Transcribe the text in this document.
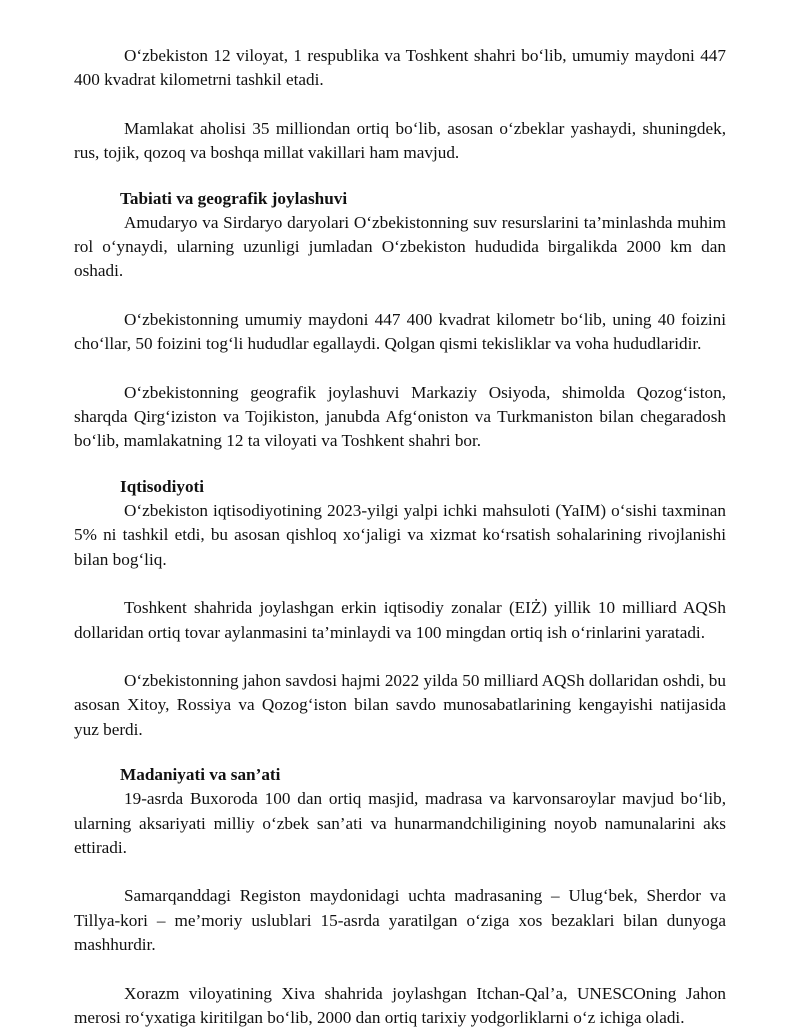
O‘zbekiston 12 viloyat, 1 respublika va Toshkent shahri bo‘lib, umumiy maydoni 447 400 kvadrat kilometrni tashkil etadi.

Mamlakat aholisi 35 milliondan ortiq bo‘lib, asosan o‘zbeklar yashaydi, shuningdek, rus, tojik, qozoq va boshqa millat vakillari ham mavjud.

Tabiati va geografik joylashuvi

Amudaryo va Sirdaryo daryolari O‘zbekistonning suv resurslarini ta’minlashda muhim rol o‘ynaydi, ularning uzunligi jumladan O‘zbekiston hududida birgalikda 2000 km dan oshadi.

O‘zbekistonning umumiy maydoni 447 400 kvadrat kilometr bo‘lib, uning 40 foizini cho‘llar, 50 foizini tog‘li hududlar egallaydi. Qolgan qismi tekisliklar va voha hududlaridir.

O‘zbekistonning geografik joylashuvi Markaziy Osiyoda, shimolda Qozog‘iston, sharqda Qirg‘iziston va Tojikiston, janubda Afg‘oniston va Turkmaniston bilan chegaradosh bo‘lib, mamlakatning 12 ta viloyati va Toshkent shahri bor.

Iqtisodiyoti

O‘zbekiston iqtisodiyotining 2023-yilgi yalpi ichki mahsuloti (YaIM) o‘sishi taxminan 5% ni tashkil etdi, bu asosan qishloq xo‘jaligi va xizmat ko‘rsatish sohalarining rivojlanishi bilan bog‘liq.

Toshkent shahrida joylashgan erkin iqtisodiy zonalar (EIŻ) yillik 10 milliard AQSh dollaridan ortiq tovar aylanmasini ta’minlaydi va 100 mingdan ortiq ish o‘rinlarini yaratadi.

O‘zbekistonning jahon savdosi hajmi 2022 yilda 50 milliard AQSh dollaridan oshdi, bu asosan Xitoy, Rossiya va Qozog‘iston bilan savdo munosabatlarining kengayishi natijasida yuz berdi.

Madaniyati va san’ati

19-asrda Buxoroda 100 dan ortiq masjid, madrasa va karvonsaroylar mavjud bo‘lib, ularning aksariyati milliy o‘zbek san’ati va hunarmandchiligining noyob namunalarini aks ettiradi.

Samarqanddagi Registon maydonidagi uchta madrasaning – Ulug‘bek, Sherdor va Tillya-kori – me’moriy uslublari 15-asrda yaratilgan o‘ziga xos bezaklari bilan dunyoga mashhurdir.

Xorazm viloyatining Xiva shahrida joylashgan Itchan-Qal’a, UNESCOning Jahon merosi ro‘yxatiga kiritilgan bo‘lib, 2000 dan ortiq tarixiy yodgorliklarni o‘z ichiga oladi.
